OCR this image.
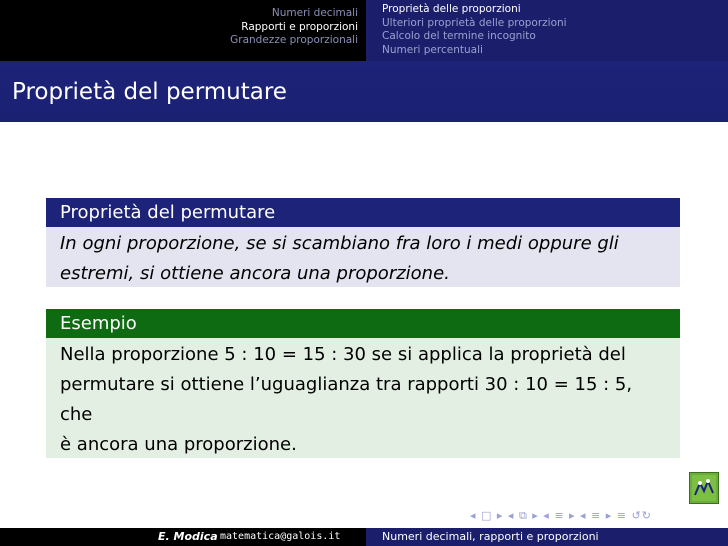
Numeri decimali
Rapporti e proporzioni
Grandezze proporzionali
Proprietà delle proporzioni
Ulteriori proprietà delle proporzioni
Calcolo del termine incognito
Numeri percentuali
Proprietà del permutare
Proprietà del permutare
In ogni proporzione, se si scambiano fra loro i medi oppure gli
estremi, si ottiene ancora una proporzione.
Esempio
Nella proporzione 5 : 10 = 15 : 30 se si applica la proprietà del
permutare si ottiene l’uguaglianza tra rapporti 30 : 10 = 15 : 5, che
è ancora una proporzione.
◂ □ ▸ ◂ ⧉ ▸ ◂ ≡ ▸ ◂ ≡ ▸ ≡ ↺↻
E. Modica matematica@galois.it	Numeri decimali, rapporti e proporzioni
